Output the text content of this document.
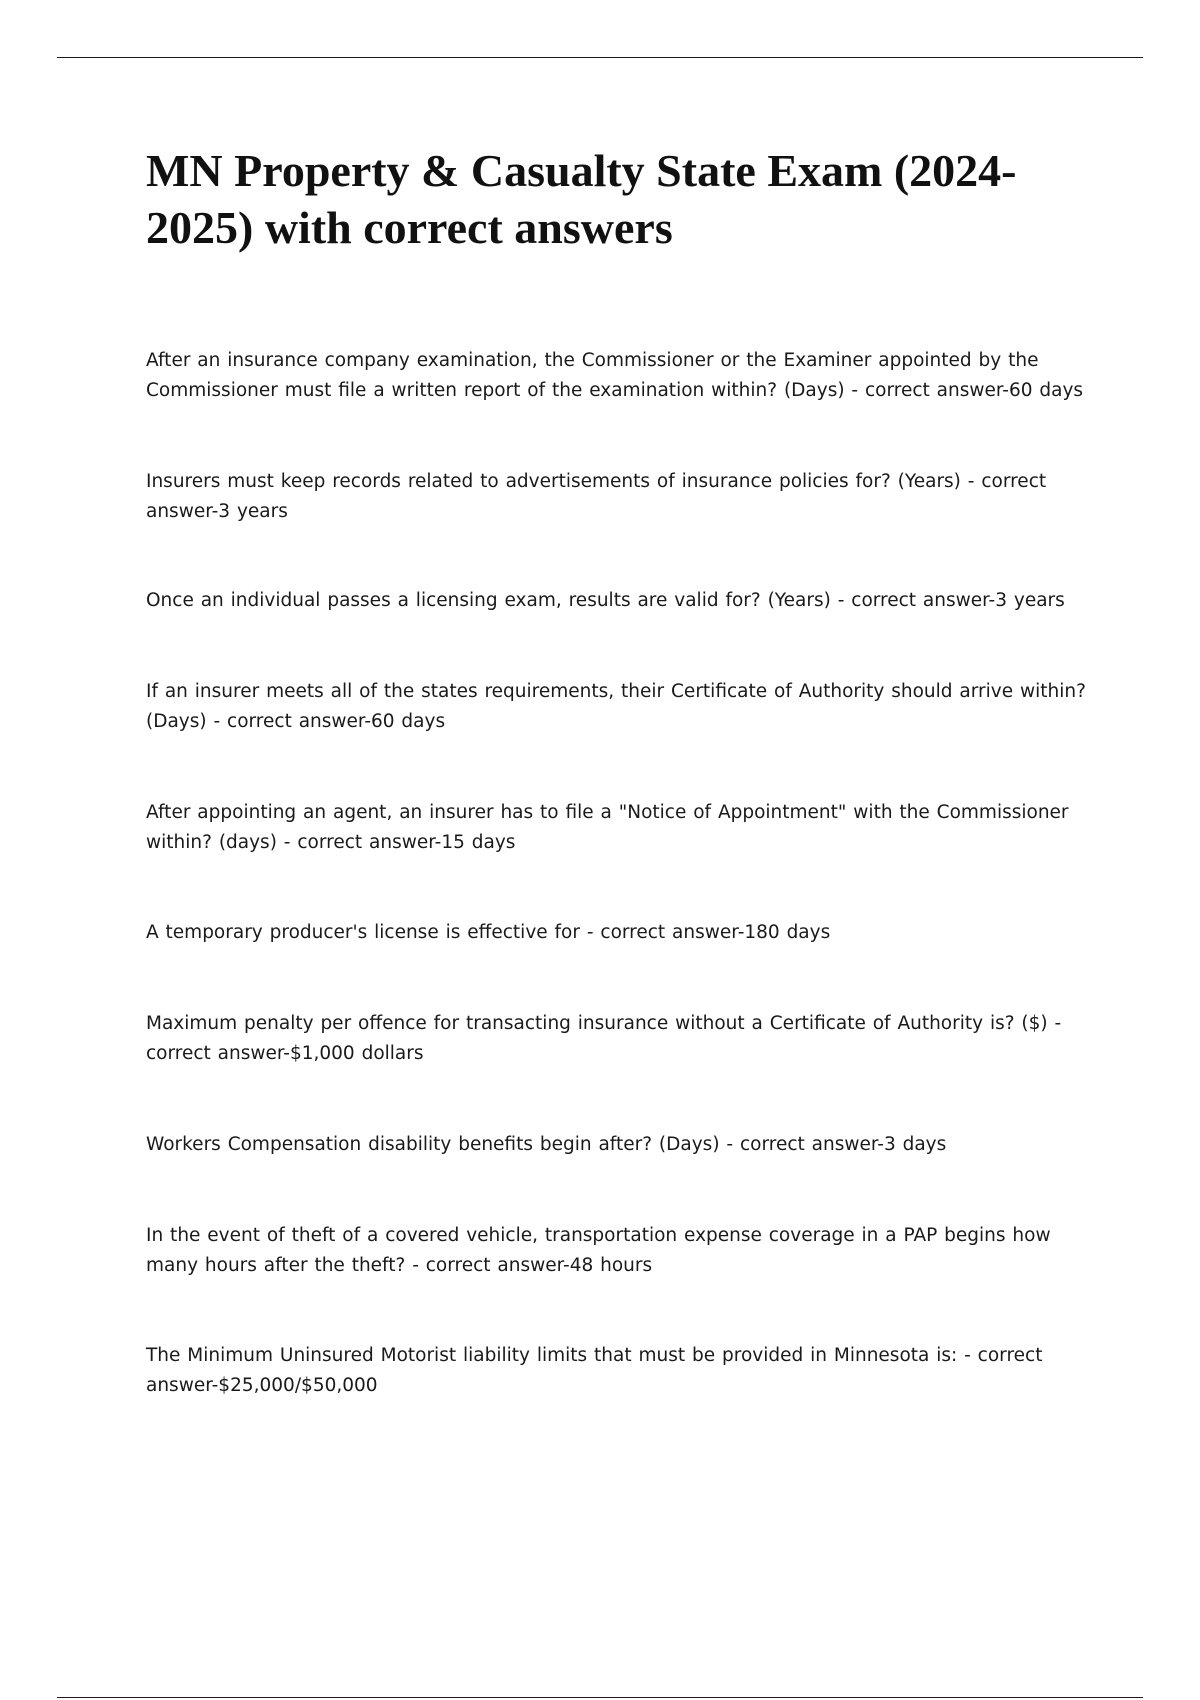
MN Property & Casualty State Exam (2024-2025) with correct answers

After an insurance company examination, the Commissioner or the Examiner appointed by the Commissioner must file a written report of the examination within? (Days) - correct answer-60 days

Insurers must keep records related to advertisements of insurance policies for? (Years) - correct answer-3 years

Once an individual passes a licensing exam, results are valid for? (Years) - correct answer-3 years

If an insurer meets all of the states requirements, their Certificate of Authority should arrive within? (Days) - correct answer-60 days

After appointing an agent, an insurer has to file a "Notice of Appointment" with the Commissioner within? (days) - correct answer-15 days

A temporary producer's license is effective for - correct answer-180 days

Maximum penalty per offence for transacting insurance without a Certificate of Authority is? ($) - correct answer-$1,000 dollars

Workers Compensation disability benefits begin after? (Days) - correct answer-3 days

In the event of theft of a covered vehicle, transportation expense coverage in a PAP begins how many hours after the theft? - correct answer-48 hours

The Minimum Uninsured Motorist liability limits that must be provided in Minnesota is: - correct answer-$25,000/$50,000
